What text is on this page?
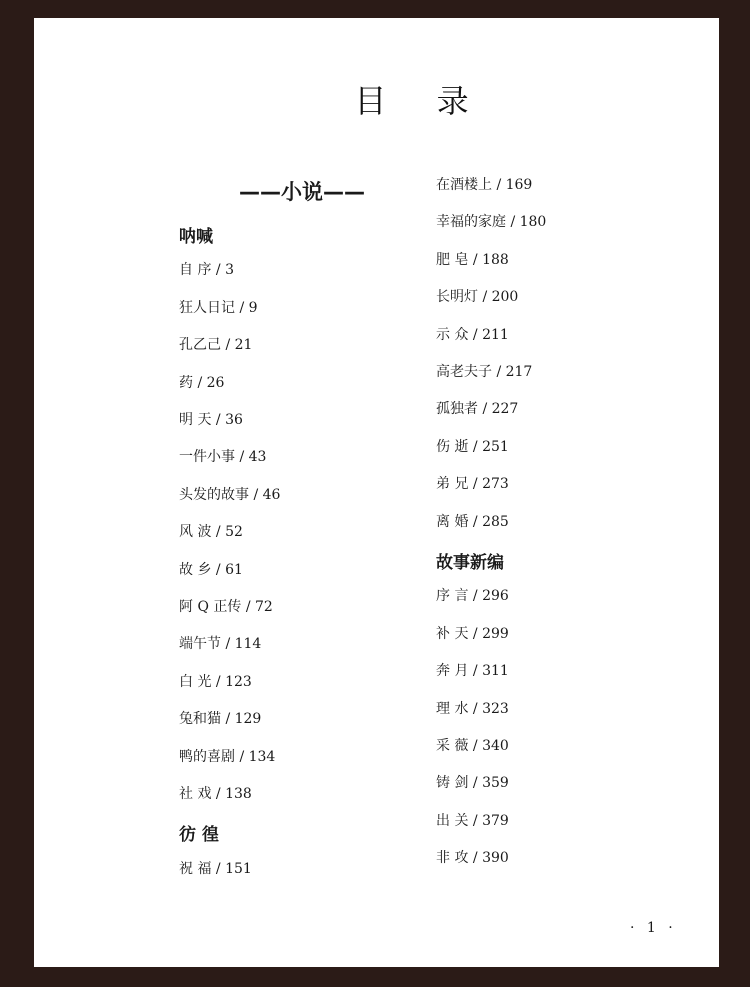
目 录
——小说——
呐喊
自 序 / 3
狂人日记 / 9
孔乙己 / 21
药 / 26
明 天 / 36
一件小事 / 43
头发的故事 / 46
风 波 / 52
故 乡 / 61
阿 Q 正传 / 72
端午节 / 114
白 光 / 123
兔和猫 / 129
鸭的喜剧 / 134
社 戏 / 138
彷 徨
祝 福 / 151
在酒楼上 / 169
幸福的家庭 / 180
肥 皂 / 188
长明灯 / 200
示 众 / 211
高老夫子 / 217
孤独者 / 227
伤 逝 / 251
弟 兄 / 273
离 婚 / 285
故事新编
序 言 / 296
补 天 / 299
奔 月 / 311
理 水 / 323
采 薇 / 340
铸 剑 / 359
出 关 / 379
非 攻 / 390
· 1 ·
